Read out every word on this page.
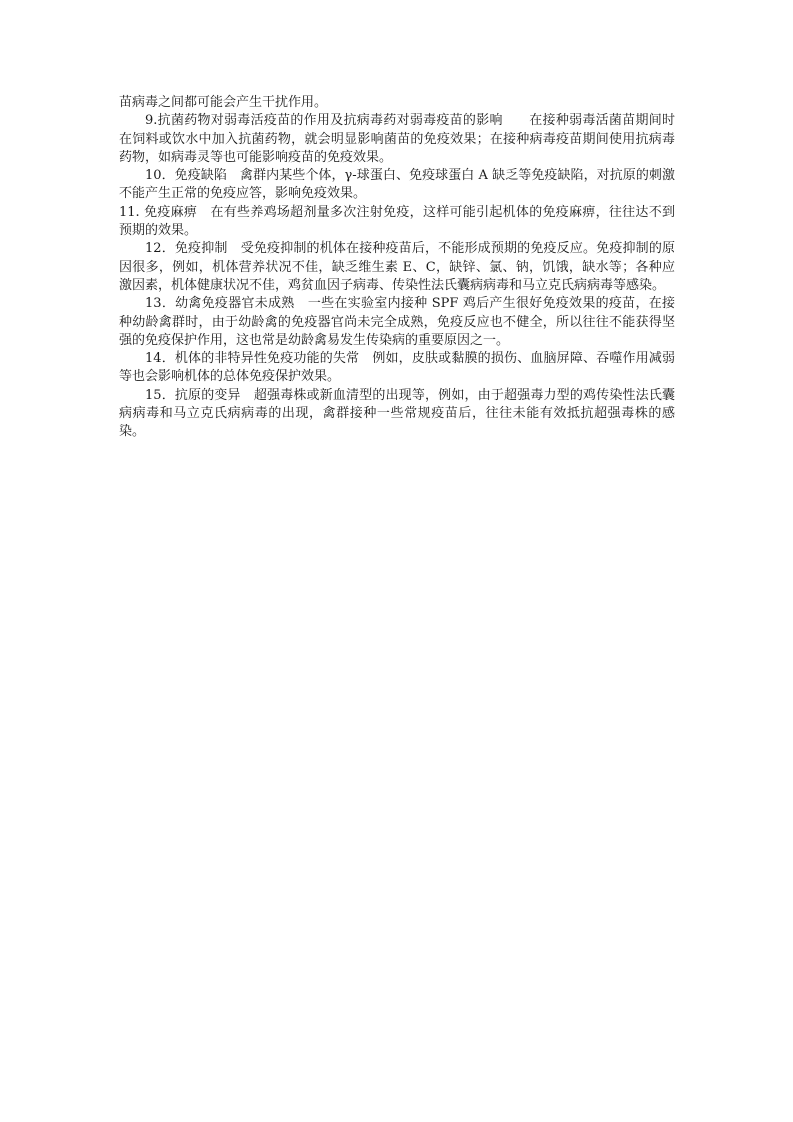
苗病毒之间都可能会产生干扰作用。

9.抗菌药物对弱毒活疫苗的作用及抗病毒药对弱毒疫苗的影响　　在接种弱毒活菌苗期间时在饲料或饮水中加入抗菌药物，就会明显影响菌苗的免疫效果；在接种病毒疫苗期间使用抗病毒药物，如病毒灵等也可能影响疫苗的免疫效果。

10．免疫缺陷　禽群内某些个体，γ-球蛋白、免疫球蛋白 A 缺乏等免疫缺陷，对抗原的刺激不能产生正常的免疫应答，影响免疫效果。

11. 免疫麻痹　在有些养鸡场超剂量多次注射免疫，这样可能引起机体的免疫麻痹，往往达不到预期的效果。

12．免疫抑制　受免疫抑制的机体在接种疫苗后，不能形成预期的免疫反应。免疫抑制的原因很多，例如，机体营养状况不佳，缺乏维生素 E、C，缺锌、氯、钠，饥饿，缺水等；各种应激因素，机体健康状况不佳，鸡贫血因子病毒、传染性法氏囊病病毒和马立克氏病病毒等感染。

13．幼禽免疫器官未成熟　一些在实验室内接种 SPF 鸡后产生很好免疫效果的疫苗，在接种幼龄禽群时，由于幼龄禽的免疫器官尚未完全成熟，免疫反应也不健全，所以往往不能获得坚强的免疫保护作用，这也常是幼龄禽易发生传染病的重要原因之一。

14．机体的非特异性免疫功能的失常　例如，皮肤或黏膜的损伤、血脑屏障、吞噬作用减弱等也会影响机体的总体免疫保护效果。

15．抗原的变异　超强毒株或新血清型的出现等，例如，由于超强毒力型的鸡传染性法氏囊病病毒和马立克氏病病毒的出现，禽群接种一些常规疫苗后，往往未能有效抵抗超强毒株的感染。
